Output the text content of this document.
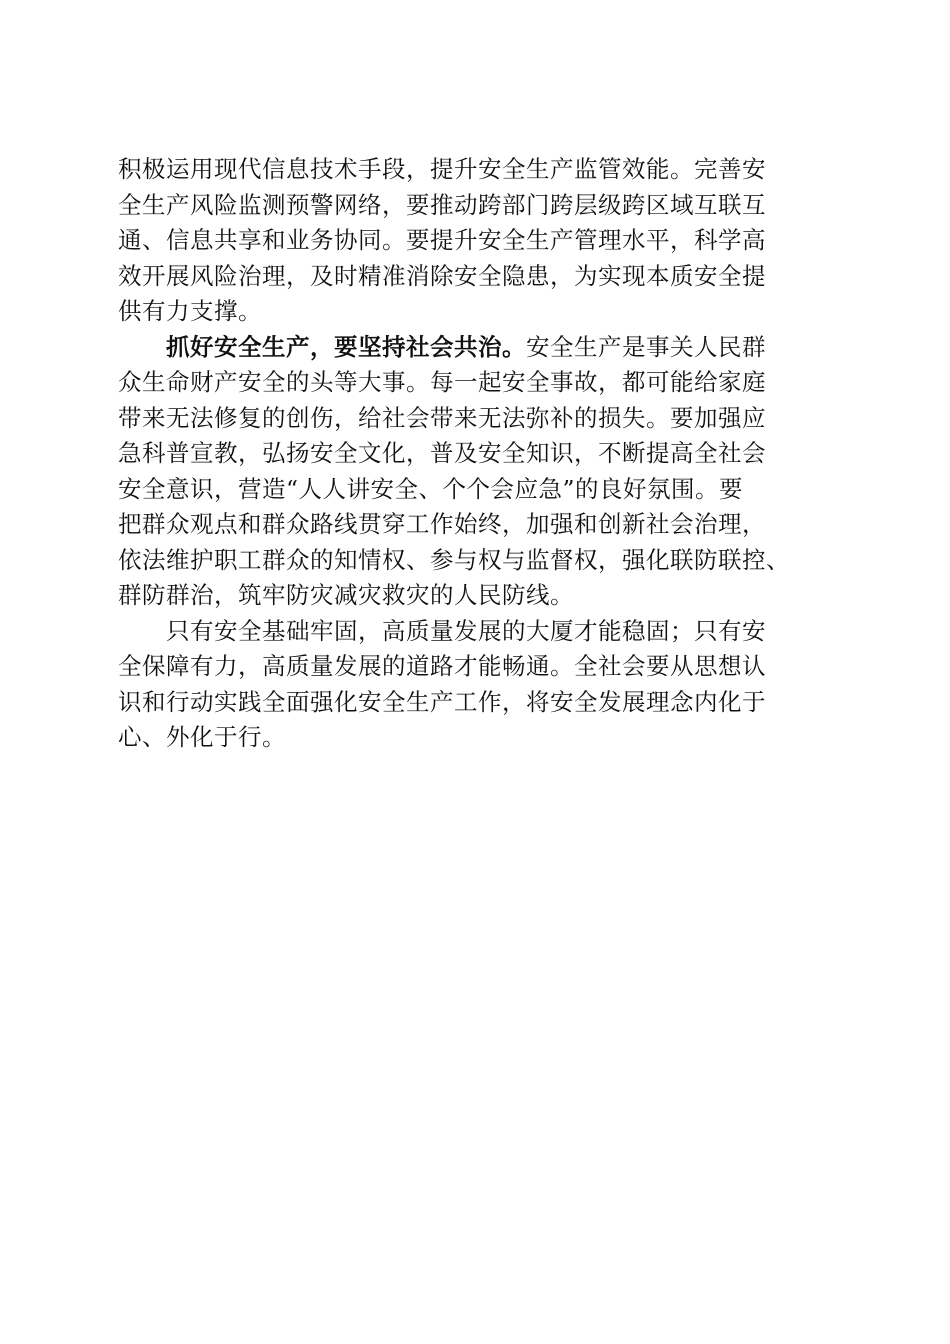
积极运用现代信息技术手段，提升安全生产监管效能。完善安
全生产风险监测预警网络，要推动跨部门跨层级跨区域互联互
通、信息共享和业务协同。要提升安全生产管理水平，科学高
效开展风险治理，及时精准消除安全隐患，为实现本质安全提
供有力支撑。
抓好安全生产，要坚持社会共治。安全生产是事关人民群
众生命财产安全的头等大事。每一起安全事故，都可能给家庭
带来无法修复的创伤，给社会带来无法弥补的损失。要加强应
急科普宣教，弘扬安全文化，普及安全知识，不断提高全社会
安全意识，营造“人人讲安全、个个会应急”的良好氛围。要
把群众观点和群众路线贯穿工作始终，加强和创新社会治理，
依法维护职工群众的知情权、参与权与监督权，强化联防联控、
群防群治，筑牢防灾减灾救灾的人民防线。
只有安全基础牢固，高质量发展的大厦才能稳固；只有安
全保障有力，高质量发展的道路才能畅通。全社会要从思想认
识和行动实践全面强化安全生产工作，将安全发展理念内化于
心、外化于行。
